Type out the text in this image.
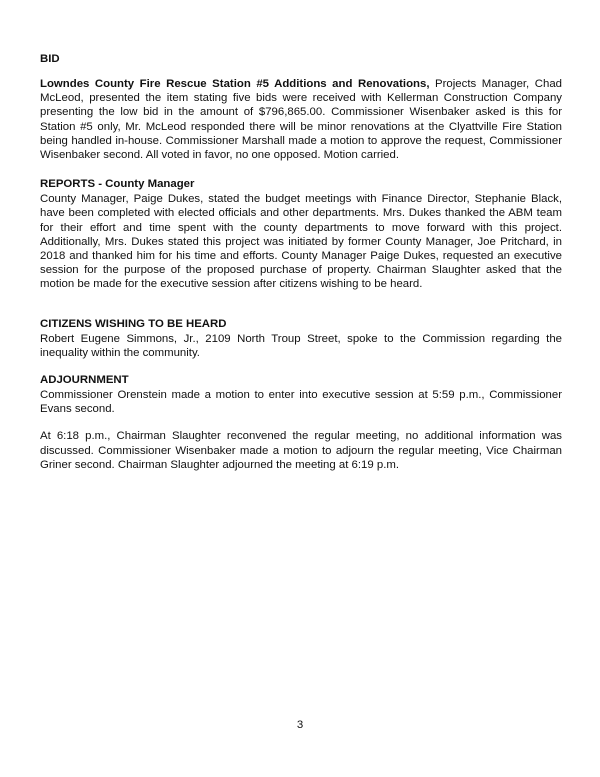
BID

Lowndes County Fire Rescue Station #5 Additions and Renovations, Projects Manager, Chad McLeod, presented the item stating five bids were received with Kellerman Construction Company presenting the low bid in the amount of $796,865.00. Commissioner Wisenbaker asked is this for Station #5 only, Mr. McLeod responded there will be minor renovations at the Clyattville Fire Station being handled in-house. Commissioner Marshall made a motion to approve the request, Commissioner Wisenbaker second. All voted in favor, no one opposed. Motion carried.

REPORTS - County Manager

County Manager, Paige Dukes, stated the budget meetings with Finance Director, Stephanie Black, have been completed with elected officials and other departments. Mrs. Dukes thanked the ABM team for their effort and time spent with the county departments to move forward with this project. Additionally, Mrs. Dukes stated this project was initiated by former County Manager, Joe Pritchard, in 2018 and thanked him for his time and efforts. County Manager Paige Dukes, requested an executive session for the purpose of the proposed purchase of property. Chairman Slaughter asked that the motion be made for the executive session after citizens wishing to be heard.

CITIZENS WISHING TO BE HEARD

Robert Eugene Simmons, Jr., 2109 North Troup Street, spoke to the Commission regarding the inequality within the community.

ADJOURNMENT

Commissioner Orenstein made a motion to enter into executive session at 5:59 p.m., Commissioner Evans second.

At 6:18 p.m., Chairman Slaughter reconvened the regular meeting, no additional information was discussed. Commissioner Wisenbaker made a motion to adjourn the regular meeting, Vice Chairman Griner second. Chairman Slaughter adjourned the meeting at 6:19 p.m.

3
